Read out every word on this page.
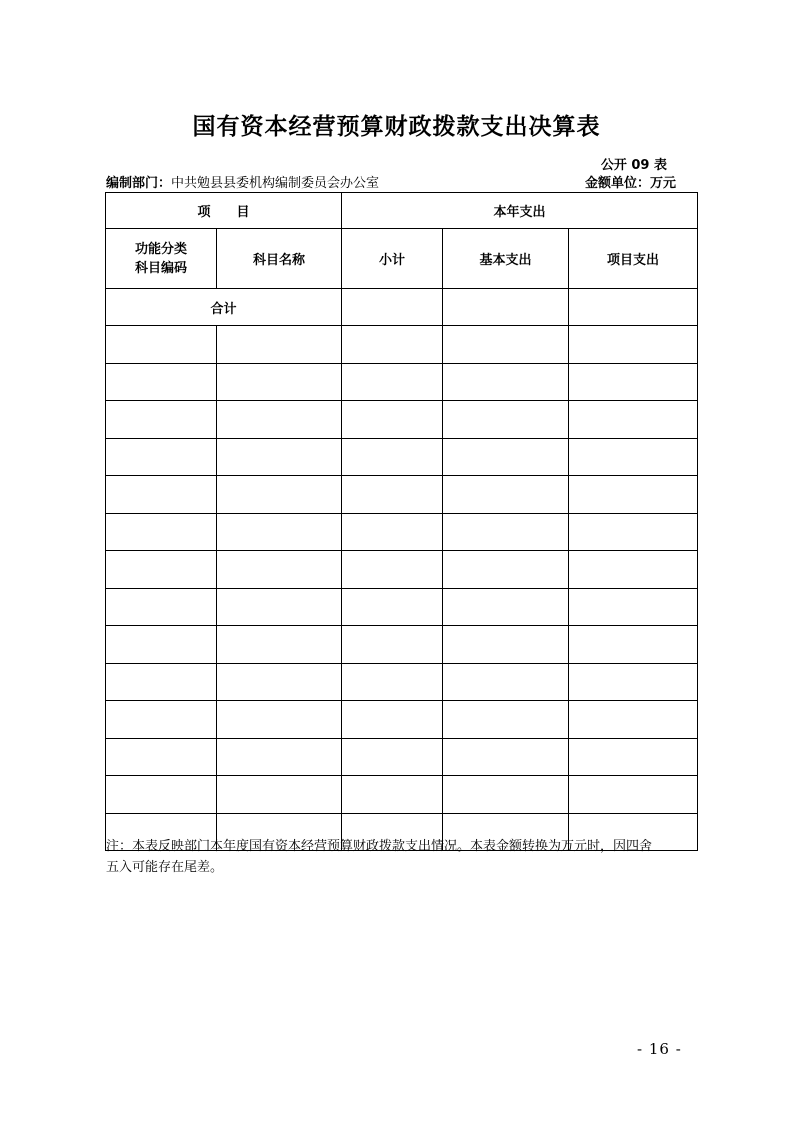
国有资本经营预算财政拨款支出决算表
公开 09 表
编制部门：中共勉县县委机构编制委员会办公室	金额单位：万元
项　　目		本年支出		

功能分类
科目编码	科目名称	小计	基本支出	项目支出
合计				

注：本表反映部门本年度国有资本经营预算财政拨款支出情况。本表金额转换为万元时，因四舍
五入可能存在尾差。
- 16 -
